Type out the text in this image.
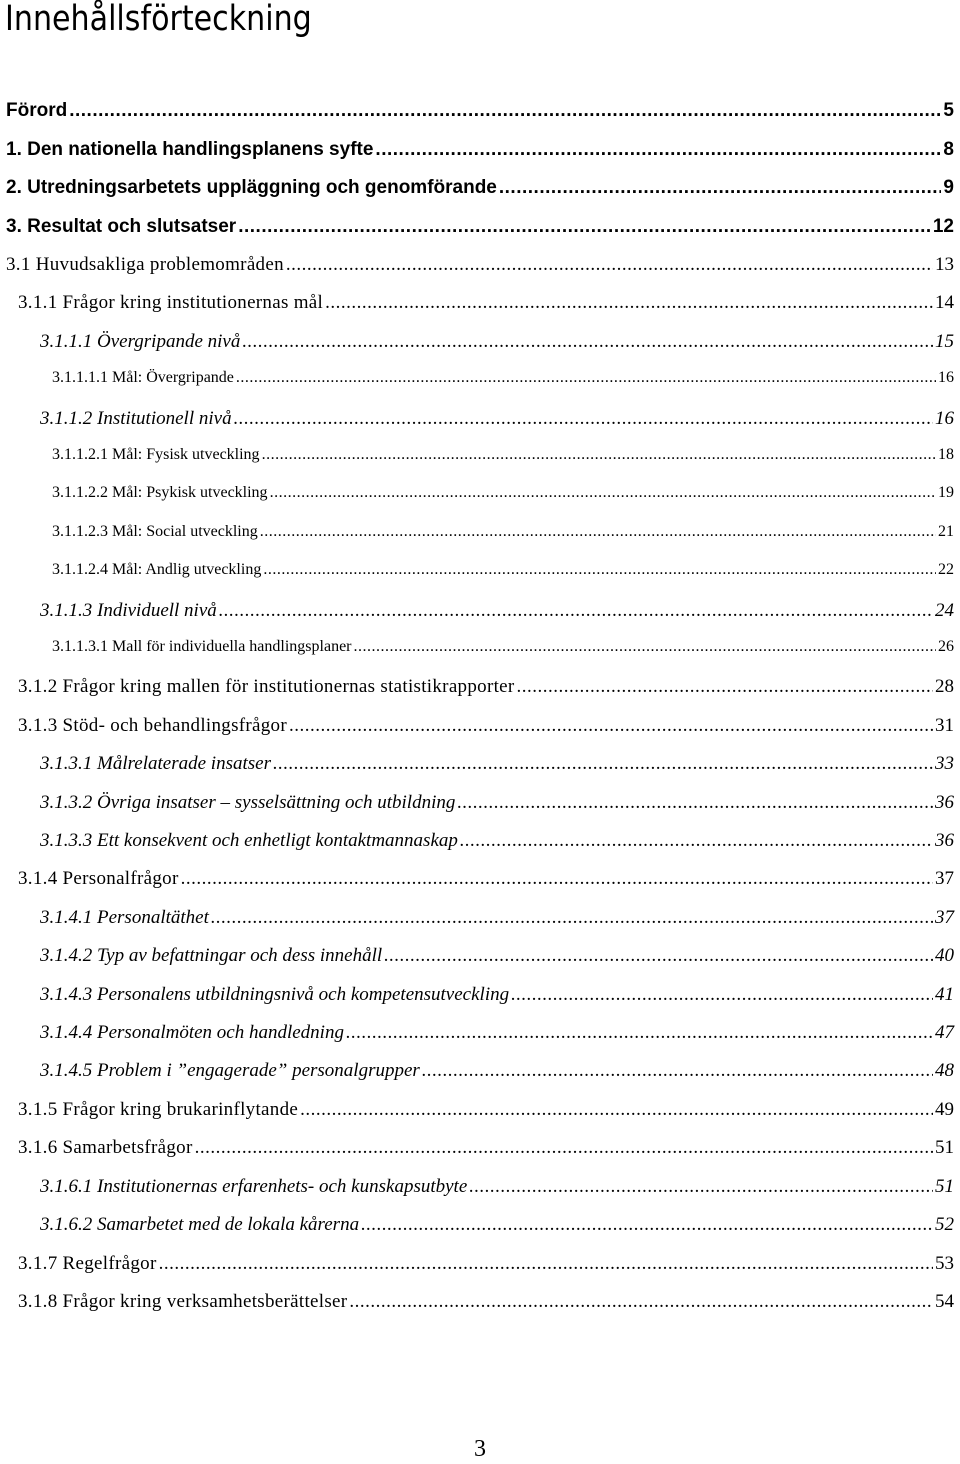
Innehållsförteckning
Förord .....	5
1. Den nationella handlingsplanens syfte .....	8
2. Utredningsarbetets uppläggning och genomförande .....	9
3. Resultat och slutsatser .....	12
3.1 Huvudsakliga problemområden .....	13
3.1.1 Frågor kring institutionernas mål .....	14
3.1.1.1 Övergripande nivå .....	15
3.1.1.1.1 Mål: Övergripande .....	16
3.1.1.2 Institutionell nivå .....	16
3.1.1.2.1 Mål: Fysisk utveckling .....	18
3.1.1.2.2 Mål: Psykisk utveckling .....	19
3.1.1.2.3 Mål: Social utveckling .....	21
3.1.1.2.4 Mål: Andlig utveckling .....	22
3.1.1.3 Individuell nivå .....	24
3.1.1.3.1 Mall för individuella handlingsplaner .....	26
3.1.2 Frågor kring mallen för institutionernas statistikrapporter .....	28
3.1.3 Stöd- och behandlingsfrågor .....	31
3.1.3.1 Målrelaterade insatser .....	33
3.1.3.2 Övriga insatser – sysselsättning och utbildning .....	36
3.1.3.3 Ett konsekvent och enhetligt kontaktmannaskap .....	36
3.1.4 Personalfrågor .....	37
3.1.4.1 Personaltäthet .....	37
3.1.4.2 Typ av befattningar och dess innehåll .....	40
3.1.4.3 Personalens utbildningsnivå och kompetensutveckling .....	41
3.1.4.4 Personalmöten och handledning .....	47
3.1.4.5 Problem i ”engagerade” personalgrupper .....	48
3.1.5 Frågor kring brukarinflytande .....	49
3.1.6 Samarbetsfrågor .....	51
3.1.6.1 Institutionernas erfarenhets- och kunskapsutbyte .....	51
3.1.6.2 Samarbetet med de lokala kårerna .....	52
3.1.7 Regelfrågor .....	53
3.1.8 Frågor kring verksamhetsberättelser .....	54
3
